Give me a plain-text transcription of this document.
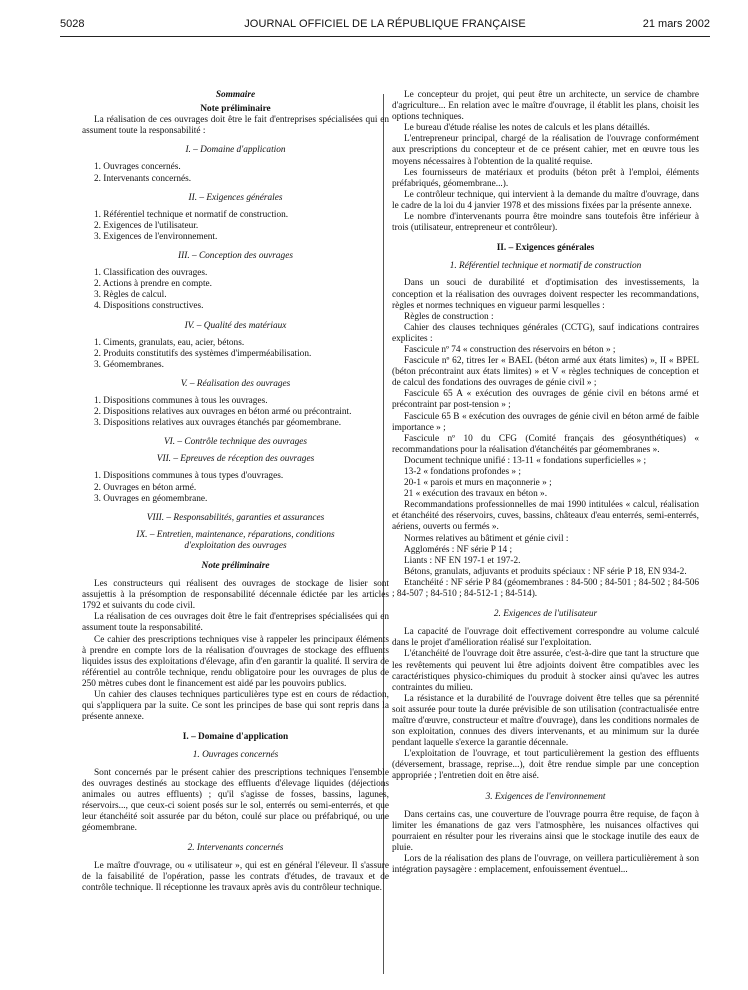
5028	JOURNAL OFFICIEL DE LA RÉPUBLIQUE FRANÇAISE	21 mars 2002

Sommaire

Note préliminaire

La réalisation de ces ouvrages doit être le fait d'entreprises spécialisées qui en assument toute la responsabilité :

I. – Domaine d'application

1. Ouvrages concernés.

2. Intervenants concernés.

II. – Exigences générales

1. Référentiel technique et normatif de construction.

2. Exigences de l'utilisateur.

3. Exigences de l'environnement.

III. – Conception des ouvrages

1. Classification des ouvrages.

2. Actions à prendre en compte.

3. Règles de calcul.

4. Dispositions constructives.

IV. – Qualité des matériaux

1. Ciments, granulats, eau, acier, bétons.

2. Produits constitutifs des systèmes d'imperméabilisation.

3. Géomembranes.

V. – Réalisation des ouvrages

1. Dispositions communes à tous les ouvrages.

2. Dispositions relatives aux ouvrages en béton armé ou précontraint.

3. Dispositions relatives aux ouvrages étanchés par géomembrane.

VI. – Contrôle technique des ouvrages

VII. – Epreuves de réception des ouvrages

1. Dispositions communes à tous types d'ouvrages.

2. Ouvrages en béton armé.

3. Ouvrages en géomembrane.

VIII. – Responsabilités, garanties et assurances

IX. – Entretien, maintenance, réparations, conditions d'exploitation des ouvrages

Note préliminaire

Les constructeurs qui réalisent des ouvrages de stockage de lisier sont assujettis à la présomption de responsabilité décennale édictée par les articles 1792 et suivants du code civil.

La réalisation de ces ouvrages doit être le fait d'entreprises spécialisées qui en assument toute la responsabilité.

Ce cahier des prescriptions techniques vise à rappeler les principaux éléments à prendre en compte lors de la réalisation d'ouvrages de stockage des effluents liquides issus des exploitations d'élevage, afin d'en garantir la qualité. Il servira de référentiel au contrôle technique, rendu obligatoire pour les ouvrages de plus de 250 mètres cubes dont le financement est aidé par les pouvoirs publics.

Un cahier des clauses techniques particulières type est en cours de rédaction, qui s'appliquera par la suite. Ce sont les principes de base qui sont repris dans la présente annexe.

I. – Domaine d'application

1. Ouvrages concernés

Sont concernés par le présent cahier des prescriptions techniques l'ensemble des ouvrages destinés au stockage des effluents d'élevage liquides (déjections animales ou autres effluents) ; qu'il s'agisse de fosses, bassins, lagunes, réservoirs..., que ceux-ci soient posés sur le sol, enterrés ou semi-enterrés, et que leur étanchéité soit assurée par du béton, coulé sur place ou préfabriqué, ou une géomembrane.

2. Intervenants concernés

Le maître d'ouvrage, ou « utilisateur », qui est en général l'éleveur. Il s'assure de la faisabilité de l'opération, passe les contrats d'études, de travaux et de contrôle technique. Il réceptionne les travaux après avis du contrôleur technique.

Le concepteur du projet, qui peut être un architecte, un service de chambre d'agriculture... En relation avec le maître d'ouvrage, il établit les plans, choisit les options techniques.

Le bureau d'étude réalise les notes de calculs et les plans détaillés.

L'entrepreneur principal, chargé de la réalisation de l'ouvrage conformément aux prescriptions du concepteur et de ce présent cahier, met en œuvre tous les moyens nécessaires à l'obtention de la qualité requise.

Les fournisseurs de matériaux et produits (béton prêt à l'emploi, éléments préfabriqués, géomembrane...).

Le contrôleur technique, qui intervient à la demande du maître d'ouvrage, dans le cadre de la loi du 4 janvier 1978 et des missions fixées par la présente annexe.

Le nombre d'intervenants pourra être moindre sans toutefois être inférieur à trois (utilisateur, entrepreneur et contrôleur).

II. – Exigences générales

1. Référentiel technique et normatif de construction

Dans un souci de durabilité et d'optimisation des investissements, la conception et la réalisation des ouvrages doivent respecter les recommandations, règles et normes techniques en vigueur parmi lesquelles :

Règles de construction :

Cahier des clauses techniques générales (CCTG), sauf indications contraires explicites :

Fascicule nº 74 « construction des réservoirs en béton » ;

Fascicule nº 62, titres Ier « BAEL (béton armé aux états limites) », II « BPEL (béton précontraint aux états limites) » et V « règles techniques de conception et de calcul des fondations des ouvrages de génie civil » ;

Fascicule 65 A « exécution des ouvrages de génie civil en bétons armé et précontraint par post-tension » ;

Fascicule 65 B « exécution des ouvrages de génie civil en béton armé de faible importance » ;

Fascicule nº 10 du CFG (Comité français des géosynthétiques) « recommandations pour la réalisation d'étanchéités par géomembranes ».

Document technique unifié : 13-11 « fondations superficielles » ;

13-2 « fondations profondes » ;

20-1 « parois et murs en maçonnerie » ;

21 « exécution des travaux en béton ».

Recommandations professionnelles de mai 1990 intitulées « calcul, réalisation et étanchéité des réservoirs, cuves, bassins, châteaux d'eau enterrés, semi-enterrés, aériens, ouverts ou fermés ».

Normes relatives au bâtiment et génie civil :

Agglomérés : NF série P 14 ;

Liants : NF EN 197-1 et 197-2.

Bétons, granulats, adjuvants et produits spéciaux : NF série P 18, EN 934-2.

Etanchéité : NF série P 84 (géomembranes : 84-500 ; 84-501 ; 84-502 ; 84-506 ; 84-507 ; 84-510 ; 84-512-1 ; 84-514).

2. Exigences de l'utilisateur

La capacité de l'ouvrage doit effectivement correspondre au volume calculé dans le projet d'amélioration réalisé sur l'exploitation.

L'étanchéité de l'ouvrage doit être assurée, c'est-à-dire que tant la structure que les revêtements qui peuvent lui être adjoints doivent être compatibles avec les caractéristiques physico-chimiques du produit à stocker ainsi qu'avec les autres contraintes du milieu.

La résistance et la durabilité de l'ouvrage doivent être telles que sa pérennité soit assurée pour toute la durée prévisible de son utilisation (contractualisée entre maître d'œuvre, constructeur et maître d'ouvrage), dans les conditions normales de son exploitation, connues des divers intervenants, et au minimum sur la durée pendant laquelle s'exerce la garantie décennale.

L'exploitation de l'ouvrage, et tout particulièrement la gestion des effluents (déversement, brassage, reprise...), doit être rendue simple par une conception appropriée ; l'entretien doit en être aisé.

3. Exigences de l'environnement

Dans certains cas, une couverture de l'ouvrage pourra être requise, de façon à limiter les émanations de gaz vers l'atmosphère, les nuisances olfactives qui pourraient en résulter pour les riverains ainsi que le stockage inutile des eaux de pluie.

Lors de la réalisation des plans de l'ouvrage, on veillera particulièrement à son intégration paysagère : emplacement, enfouissement éventuel...
